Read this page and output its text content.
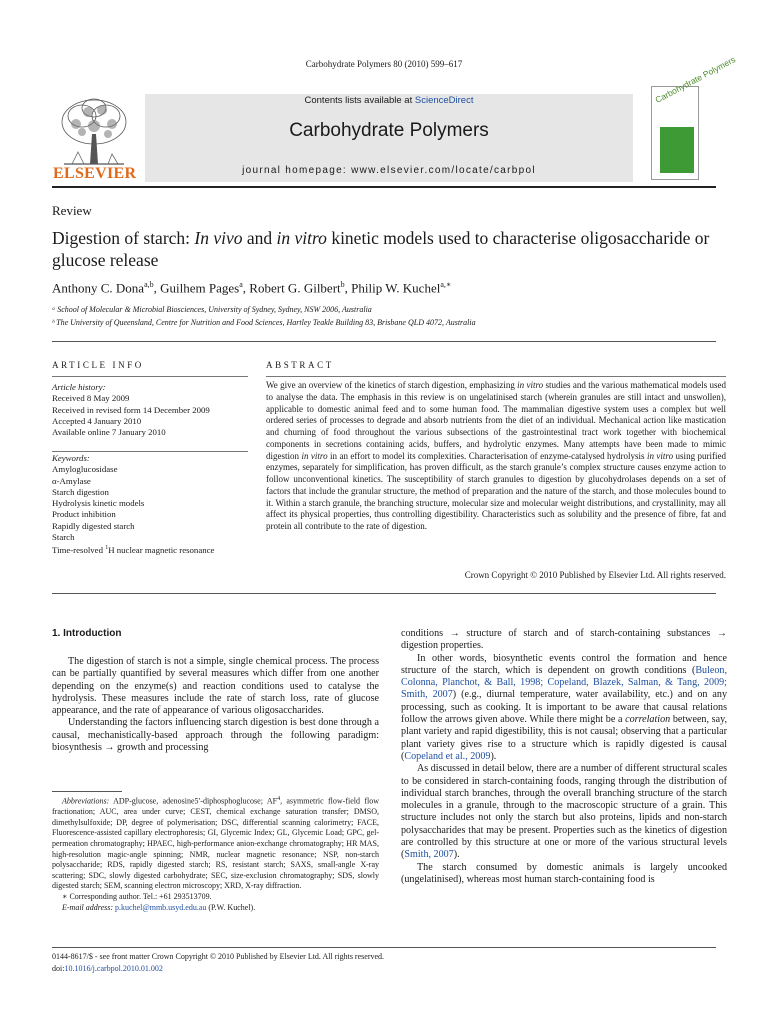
Carbohydrate Polymers 80 (2010) 599–617
ELSEVIER
Contents lists available at ScienceDirect
Carbohydrate Polymers
journal homepage: www.elsevier.com/locate/carbpol
Carbohydrate Polymers
Review
Digestion of starch: In vivo and in vitro kinetic models used to characterise oligosaccharide or glucose release
Anthony C. Dona$^{a,b}$, Guilhem Pages$^a$, Robert G. Gilbert$^b$, Philip W. Kuchel$^{a,∗}$
ᵃ School of Molecular & Microbial Biosciences, University of Sydney, Sydney, NSW 2006, Australia
ᵇ The University of Queensland, Centre for Nutrition and Food Sciences, Hartley Teakle Building 83, Brisbane QLD 4072, Australia
ARTICLE INFO
Article history:
Received 8 May 2009
Received in revised form 14 December 2009
Accepted 4 January 2010
Available online 7 January 2010
Keywords:
Amyloglucosidase
α-Amylase
Starch digestion
Hydrolysis kinetic models
Product inhibition
Rapidly digested starch
Starch
Time-resolved $^1$H nuclear magnetic resonance
ABSTRACT
We give an overview of the kinetics of starch digestion, emphasizing in vitro studies and the various mathematical models used to analyse the data. The emphasis in this review is on ungelatinised starch (wherein granules are still intact and unswollen), applicable to domestic animal feed and to some human food. The mammalian digestive system uses a complex but well ordered series of processes to degrade and absorb nutrients from the diet of an individual. Mechanical action like mastication and churning of food throughout the various subsections of the gastrointestinal tract work together with biochemical components in secretions containing acids, buffers, and hydrolytic enzymes. Many attempts have been made to mimic digestion in vitro in an effort to model its complexities. Characterisation of enzyme-catalysed hydrolysis in vitro using purified enzymes, separately for simplification, has proven difficult, as the starch granule’s complex structure causes enzyme action to follow unconventional kinetics. The susceptibility of starch granules to digestion by glucohydrolases depends on a set of factors that include the granular structure, the method of preparation and the nature of the starch, and those molecules bound to it. Within a starch granule, the branching structure, molecular size and molecular weight distributions, and crystallinity, may all affect its physical properties, thus controlling digestibility. Characteristics such as solubility and the presence of fibre, fat and protein all contribute to the rate of digestion.
Crown Copyright © 2010 Published by Elsevier Ltd. All rights reserved.
1. Introduction

The digestion of starch is not a simple, single chemical process. The process can be partially quantified by several measures which differ from one another depending on the enzyme(s) and reaction conditions used to catalyse the hydrolysis. These measures include the rate of starch loss, rate of glucose appearance, and the rate of appearance of various oligosaccharides.

Understanding the factors influencing starch digestion is best done through a causal, mechanistically-based approach through the following paradigm: biosynthesis → growth and processing

Abbreviations: ADP-glucose, adenosine5′-diphosphoglucose; $AF^4$, asymmetric flow-field flow fractionation; AUC, area under curve; CEST, chemical exchange saturation transfer; DMSO, dimethylsulfoxide; DP, degree of polymerisation; DSC, differential scanning calorimetry; FACE, Fluorescence-assisted capillary electrophoresis; GI, Glycemic Index; GL, Glycemic Load; GPC, gel-permeation chromatography; HPAEC, high-performance anion-exchange chromatography; HR MAS, high-resolution magic-angle spinning; NMR, nuclear magnetic resonance; NSP, non-starch polysaccharide; RDS, rapidly digested starch; RS, resistant starch; SAXS, small-angle X-ray scattering; SDC, slowly digested carbohydrate; SEC, size-exclusion chromatography; SDS, slowly digested starch; SEM, scanning electron microscopy; XRD, X-ray diffraction.

∗ Corresponding author. Tel.: +61 293513709.

E-mail address: p.kuchel@mmb.usyd.edu.au (P.W. Kuchel).

conditions → structure of starch and of starch-containing substances → digestion properties.

In other words, biosynthetic events control the formation and hence structure of the starch, which is dependent on growth conditions (Buleon, Colonna, Planchot, & Ball, 1998; Copeland, Blazek, Salman, & Tang, 2009; Smith, 2007) (e.g., diurnal temperature, water availability, etc.) and on any processing, such as cooking. It is important to be aware that causal relations follow the arrows given above. While there might be a correlation between, say, plant variety and rapid digestibility, this is not causal; observing that a particular plant variety gives rise to a structure which is rapidly digested is causal (Copeland et al., 2009).

As discussed in detail below, there are a number of different structural scales to be considered in starch-containing foods, ranging through the distribution of individual starch branches, through the overall branching structure of the starch molecules in a granule, through to the macroscopic structure of a grain. This structure includes not only the starch but also proteins, lipids and non-starch polysaccharides that may be present. Properties such as the kinetics of digestion are controlled by this structure at one or more of the various structural levels (Smith, 2007).

The starch consumed by domestic animals is largely uncooked (ungelatinised), whereas most human starch-containing food is

0144-8617/$ - see front matter Crown Copyright © 2010 Published by Elsevier Ltd. All rights reserved.
doi:10.1016/j.carbpol.2010.01.002
